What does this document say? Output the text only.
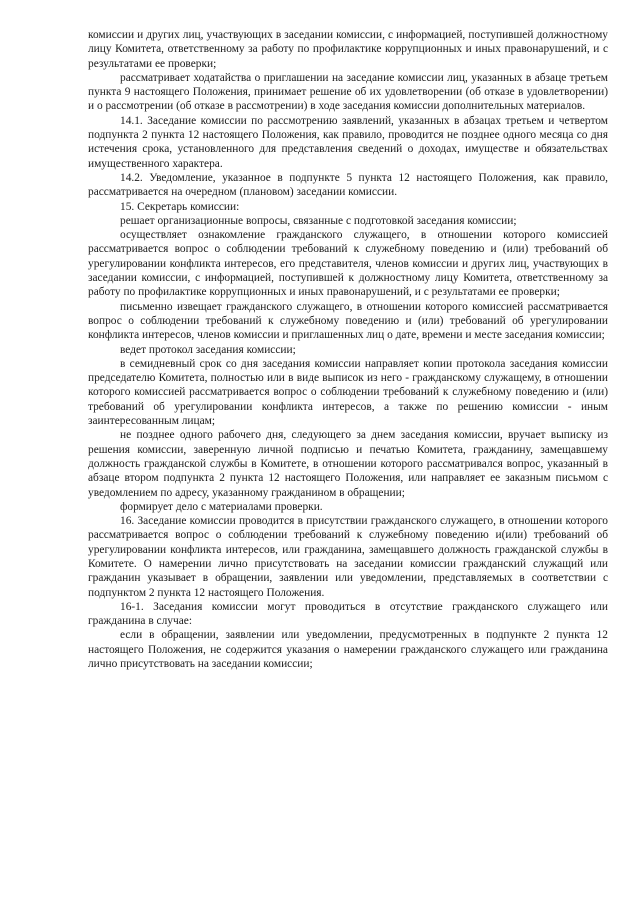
комиссии и других лиц, участвующих в заседании комиссии, с информацией, поступившей должностному лицу Комитета, ответственному за работу по профилактике коррупционных и иных правонарушений, и с результатами ее проверки;

рассматривает ходатайства о приглашении на заседание комиссии лиц, указанных в абзаце третьем пункта 9 настоящего Положения, принимает решение об их удовлетворении (об отказе в удовлетворении) и о рассмотрении (об отказе в рассмотрении) в ходе заседания комиссии дополнительных материалов.

14.1. Заседание комиссии по рассмотрению заявлений, указанных в абзацах третьем и четвертом подпункта 2 пункта 12 настоящего Положения, как правило, проводится не позднее одного месяца со дня истечения срока, установленного для представления сведений о доходах, имуществе и обязательствах имущественного характера.

14.2. Уведомление, указанное в подпункте 5 пункта 12 настоящего Положения, как правило, рассматривается на очередном (плановом) заседании комиссии.

15. Секретарь комиссии:

решает организационные вопросы, связанные с подготовкой заседания комиссии;

осуществляет ознакомление гражданского служащего, в отношении которого комиссией рассматривается вопрос о соблюдении требований к служебному поведению и (или) требований об урегулировании конфликта интересов, его представителя, членов комиссии и других лиц, участвующих в заседании комиссии, с информацией, поступившей к должностному лицу Комитета, ответственному за работу по профилактике коррупционных и иных правонарушений, и с результатами ее проверки;

письменно извещает гражданского служащего, в отношении которого комиссией рассматривается вопрос о соблюдении требований к служебному поведению и (или) требований об урегулировании конфликта интересов, членов комиссии и приглашенных лиц о дате, времени и месте заседания комиссии;

ведет протокол заседания комиссии;

в семидневный срок со дня заседания комиссии направляет копии протокола заседания комиссии председателю Комитета, полностью или в виде выписок из него - гражданскому служащему, в отношении которого комиссией рассматривается вопрос о соблюдении требований к служебному поведению и (или) требований об урегулировании конфликта интересов, а также по решению комиссии - иным заинтересованным лицам;

не позднее одного рабочего дня, следующего за днем заседания комиссии, вручает выписку из решения комиссии, заверенную личной подписью и печатью Комитета, гражданину, замещавшему должность гражданской службы в Комитете, в отношении которого рассматривался вопрос, указанный в абзаце втором подпункта 2 пункта 12 настоящего Положения, или направляет ее заказным письмом с уведомлением по адресу, указанному гражданином в обращении;

формирует дело с материалами проверки.

16. Заседание комиссии проводится в присутствии гражданского служащего, в отношении которого рассматривается вопрос о соблюдении требований к служебному поведению и(или) требований об урегулировании конфликта интересов, или гражданина, замещавшего должность гражданской службы в Комитете. О намерении лично присутствовать на заседании комиссии гражданский служащий или гражданин указывает в обращении, заявлении или уведомлении, представляемых в соответствии с подпунктом 2 пункта 12 настоящего Положения.

16-1. Заседания комиссии могут проводиться в отсутствие гражданского служащего или гражданина в случае:

если в обращении, заявлении или уведомлении, предусмотренных в подпункте 2 пункта 12 настоящего Положения, не содержится указания о намерении гражданского служащего или гражданина лично присутствовать на заседании комиссии;
